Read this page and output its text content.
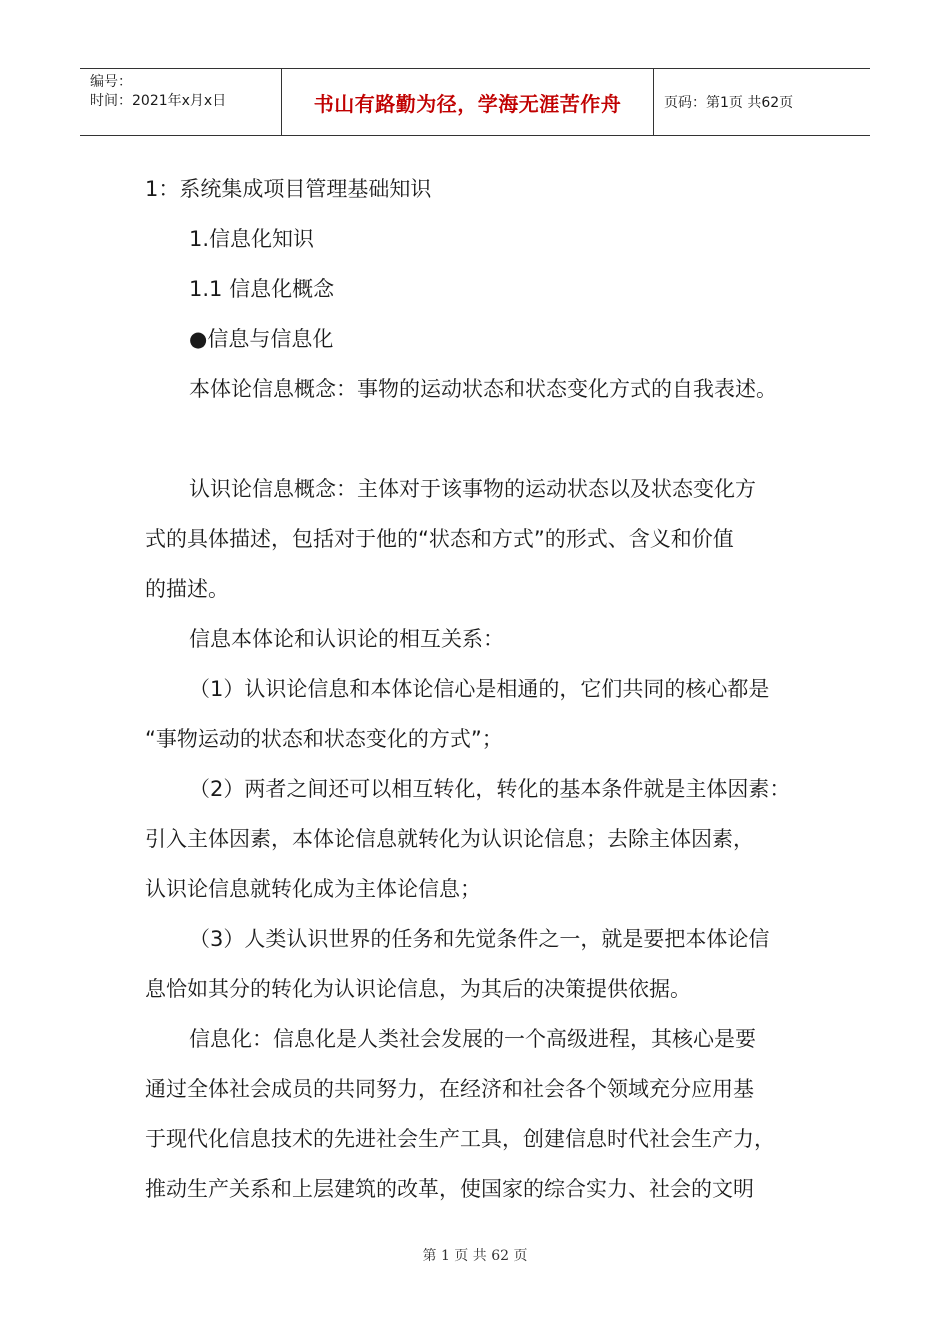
编号：
时间：2021年x月x日	书山有路勤为径，学海无涯苦作舟	页码：第1页 共62页

1：系统集成项目管理基础知识

1.信息化知识

1.1 信息化概念

●信息与信息化

本体论信息概念：事物的运动状态和状态变化方式的自我表述。

认识论信息概念：主体对于该事物的运动状态以及状态变化方

式的具体描述，包括对于他的“状态和方式”的形式、含义和价值

的描述。

信息本体论和认识论的相互关系：

（1）认识论信息和本体论信心是相通的，它们共同的核心都是

“事物运动的状态和状态变化的方式”；

（2）两者之间还可以相互转化，转化的基本条件就是主体因素：

引入主体因素，本体论信息就转化为认识论信息；去除主体因素，

认识论信息就转化成为主体论信息；

（3）人类认识世界的任务和先觉条件之一，就是要把本体论信

息恰如其分的转化为认识论信息，为其后的决策提供依据。

信息化：信息化是人类社会发展的一个高级进程，其核心是要

通过全体社会成员的共同努力，在经济和社会各个领域充分应用基

于现代化信息技术的先进社会生产工具，创建信息时代社会生产力，

推动生产关系和上层建筑的改革，使国家的综合实力、社会的文明

第 1 页 共 62 页
